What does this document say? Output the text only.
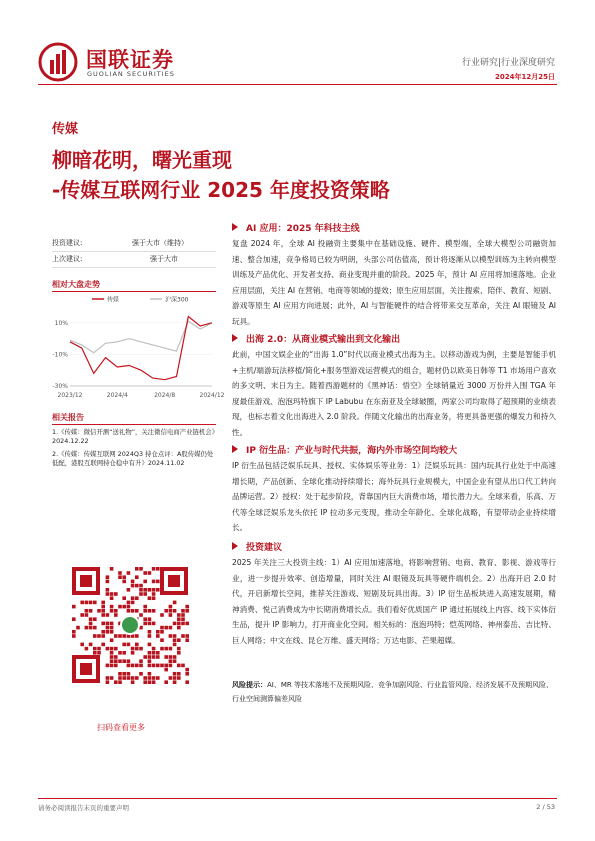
国联证券
GUOLIAN SECURITIES
行业研究|行业深度研究
2024年12月25日
传媒
柳暗花明，曙光重现
-传媒互联网行业 2025 年度投资策略
投资建议:	强于大市（维持）
上次建议:	强于大市
相对大盘走势
传媒	沪深300
10%
-10%
-30%
2023/12	2024/4	2024/8	2024/12
相关报告
1.《传媒：微信开测“送礼物”，关注微信电商产业链机会》2024.12.22
2.《传媒：传媒互联网 2024Q3 持仓点评：A股传媒仍处低配，港股互联网持仓稳中有升》2024.11.02
扫码查看更多
AI 应用：2025 年科技主线
复盘 2024 年，全球 AI 投融资主要集中在基础设施、硬件、模型端，全球大模型公司融资加速、整合加速，竞争格局已较为明朗，头部公司估值高，预计将逐渐从以模型训练为主转向模型训练及产品优化、开发者支持、商业变现并重的阶段。2025 年，预计 AI 应用将加速落地。企业应用层面，关注 AI 在营销、电商等领域的提效；原生应用层面，关注搜索、陪伴、教育、短剧、游戏等原生 AI 应用方向进展；此外，AI 与智能硬件的结合将带来交互革命，关注 AI 眼镜及 AI 玩具。
出海 2.0：从商业模式输出到文化输出
此前，中国文娱企业的“出海 1.0”时代以商业模式出海为主。以移动游戏为例，主要是智能手机+主机/端游玩法移植/简化+服务型游戏运营模式的组合，题材仍以欧美日韩等 T1 市场用户喜欢的多文明、末日为主。随着西游题材的《黑神话：悟空》全球销量近 3000 万份并入围 TGA 年度最佳游戏、泡泡玛特旗下 IP Labubu 在东南亚及全球破圈，两家公司均取得了超预期的业绩表现，也标志着文化出海进入 2.0 阶段。伴随文化输出的出海业务，将更具备更强的爆发力和持久性。
IP 衍生品：产业与时代共振，海内外市场空间均较大
IP 衍生品包括泛娱乐玩具、授权、实体娱乐等业务：1）泛娱乐玩具：国内玩具行业处于中高速增长期，产品创新、全球化推动持续增长；海外玩具行业规模大，中国企业有望从出口代工转向品牌运营。2）授权：处于起步阶段，背靠国内巨大消费市场，增长潜力大。全球来看，乐高、万代等全球泛娱乐龙头依托 IP 拉动多元变现，推动全年龄化、全球化战略，有望带动企业持续增长。
投资建议
2025 年关注三大投资主线：1）AI 应用加速落地，将影响营销、电商、教育、影视、游戏等行业，进一步提升效率、创造增量，同时关注 AI 眼镜及玩具等硬件端机会。2）出海开启 2.0 时代，开启新增长空间，推荐关注游戏、短剧及玩具出海。3）IP 衍生品板块进入高速发展期，精神消费、悦己消费成为中长期消费增长点。我们看好优质国产 IP 通过拓展线上内容、线下实体衍生品，提升 IP 影响力，打开商业化空间。相关标的：泡泡玛特；恺英网络、神州泰岳、吉比特、巨人网络；中文在线、昆仑万维、盛天网络；万达电影、芒果超媒。
风险提示：AI、MR 等技术落地不及预期风险、竞争加剧风险、行业监管风险、经济发展不及预期风险、行业空间测算偏差风险
请务必阅读报告末页的重要声明	2 / 53
